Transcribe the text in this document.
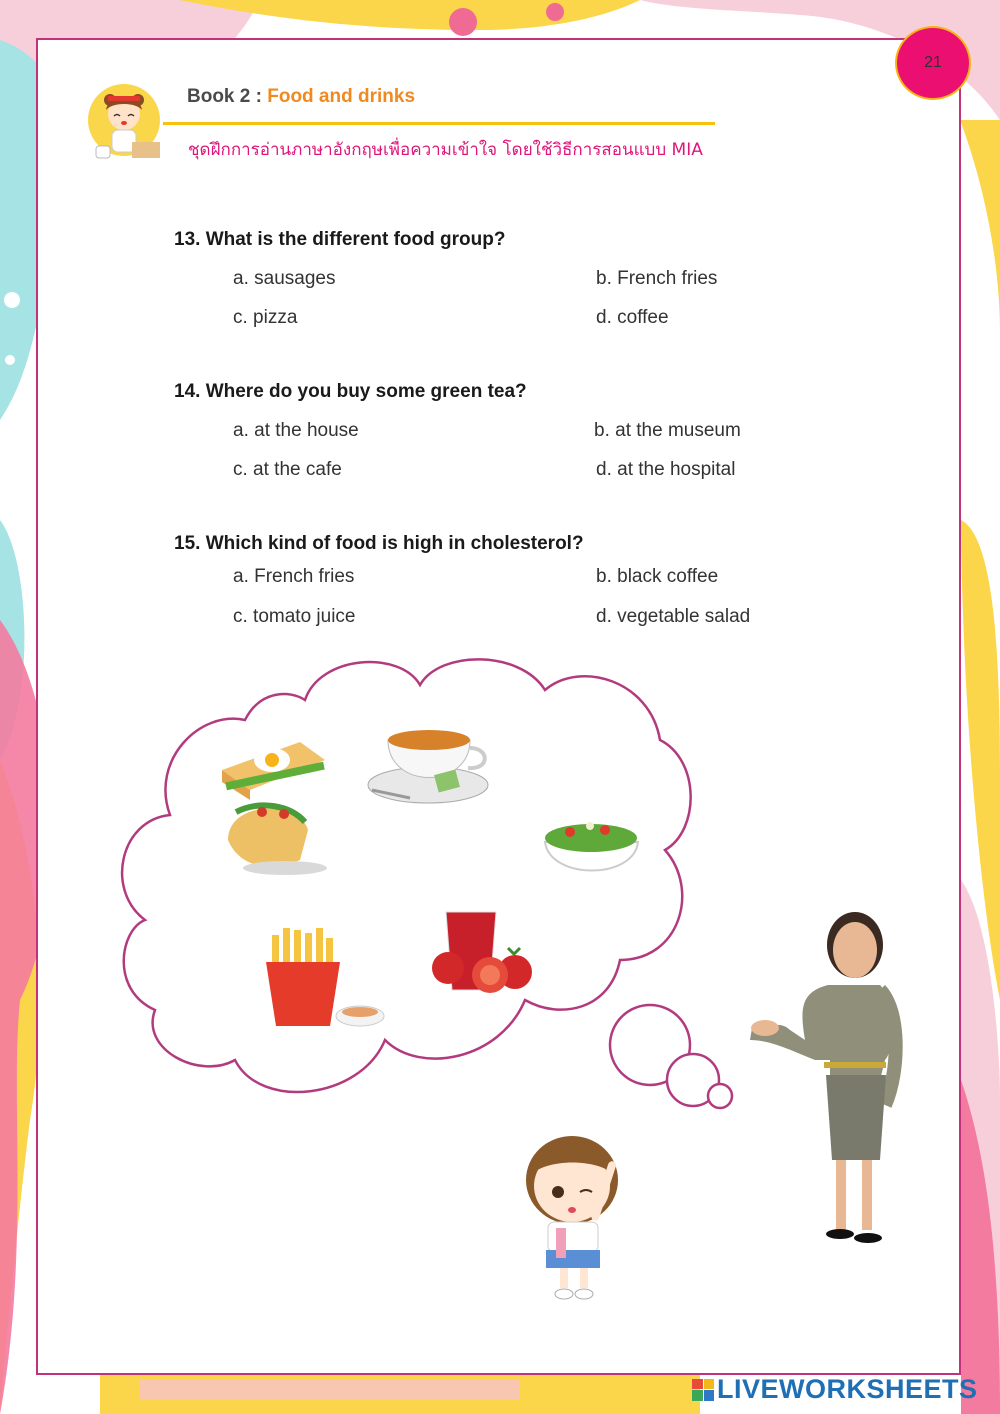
21
Book 2 : Food and drinks
ชุดฝึกการอ่านภาษาอังกฤษเพื่อความเข้าใจ โดยใช้วิธีการสอนแบบ MIA
13. What is the different food group?
a. sausages	b. French fries
c. pizza	d. coffee
14. Where do you buy some green tea?
a. at the house	b. at the museum
c. at the cafe	d. at the hospital
15. Which kind of food is high in cholesterol?
a. French fries	b. black coffee
c. tomato juice	d. vegetable salad
LIVEWORKSHEETS
